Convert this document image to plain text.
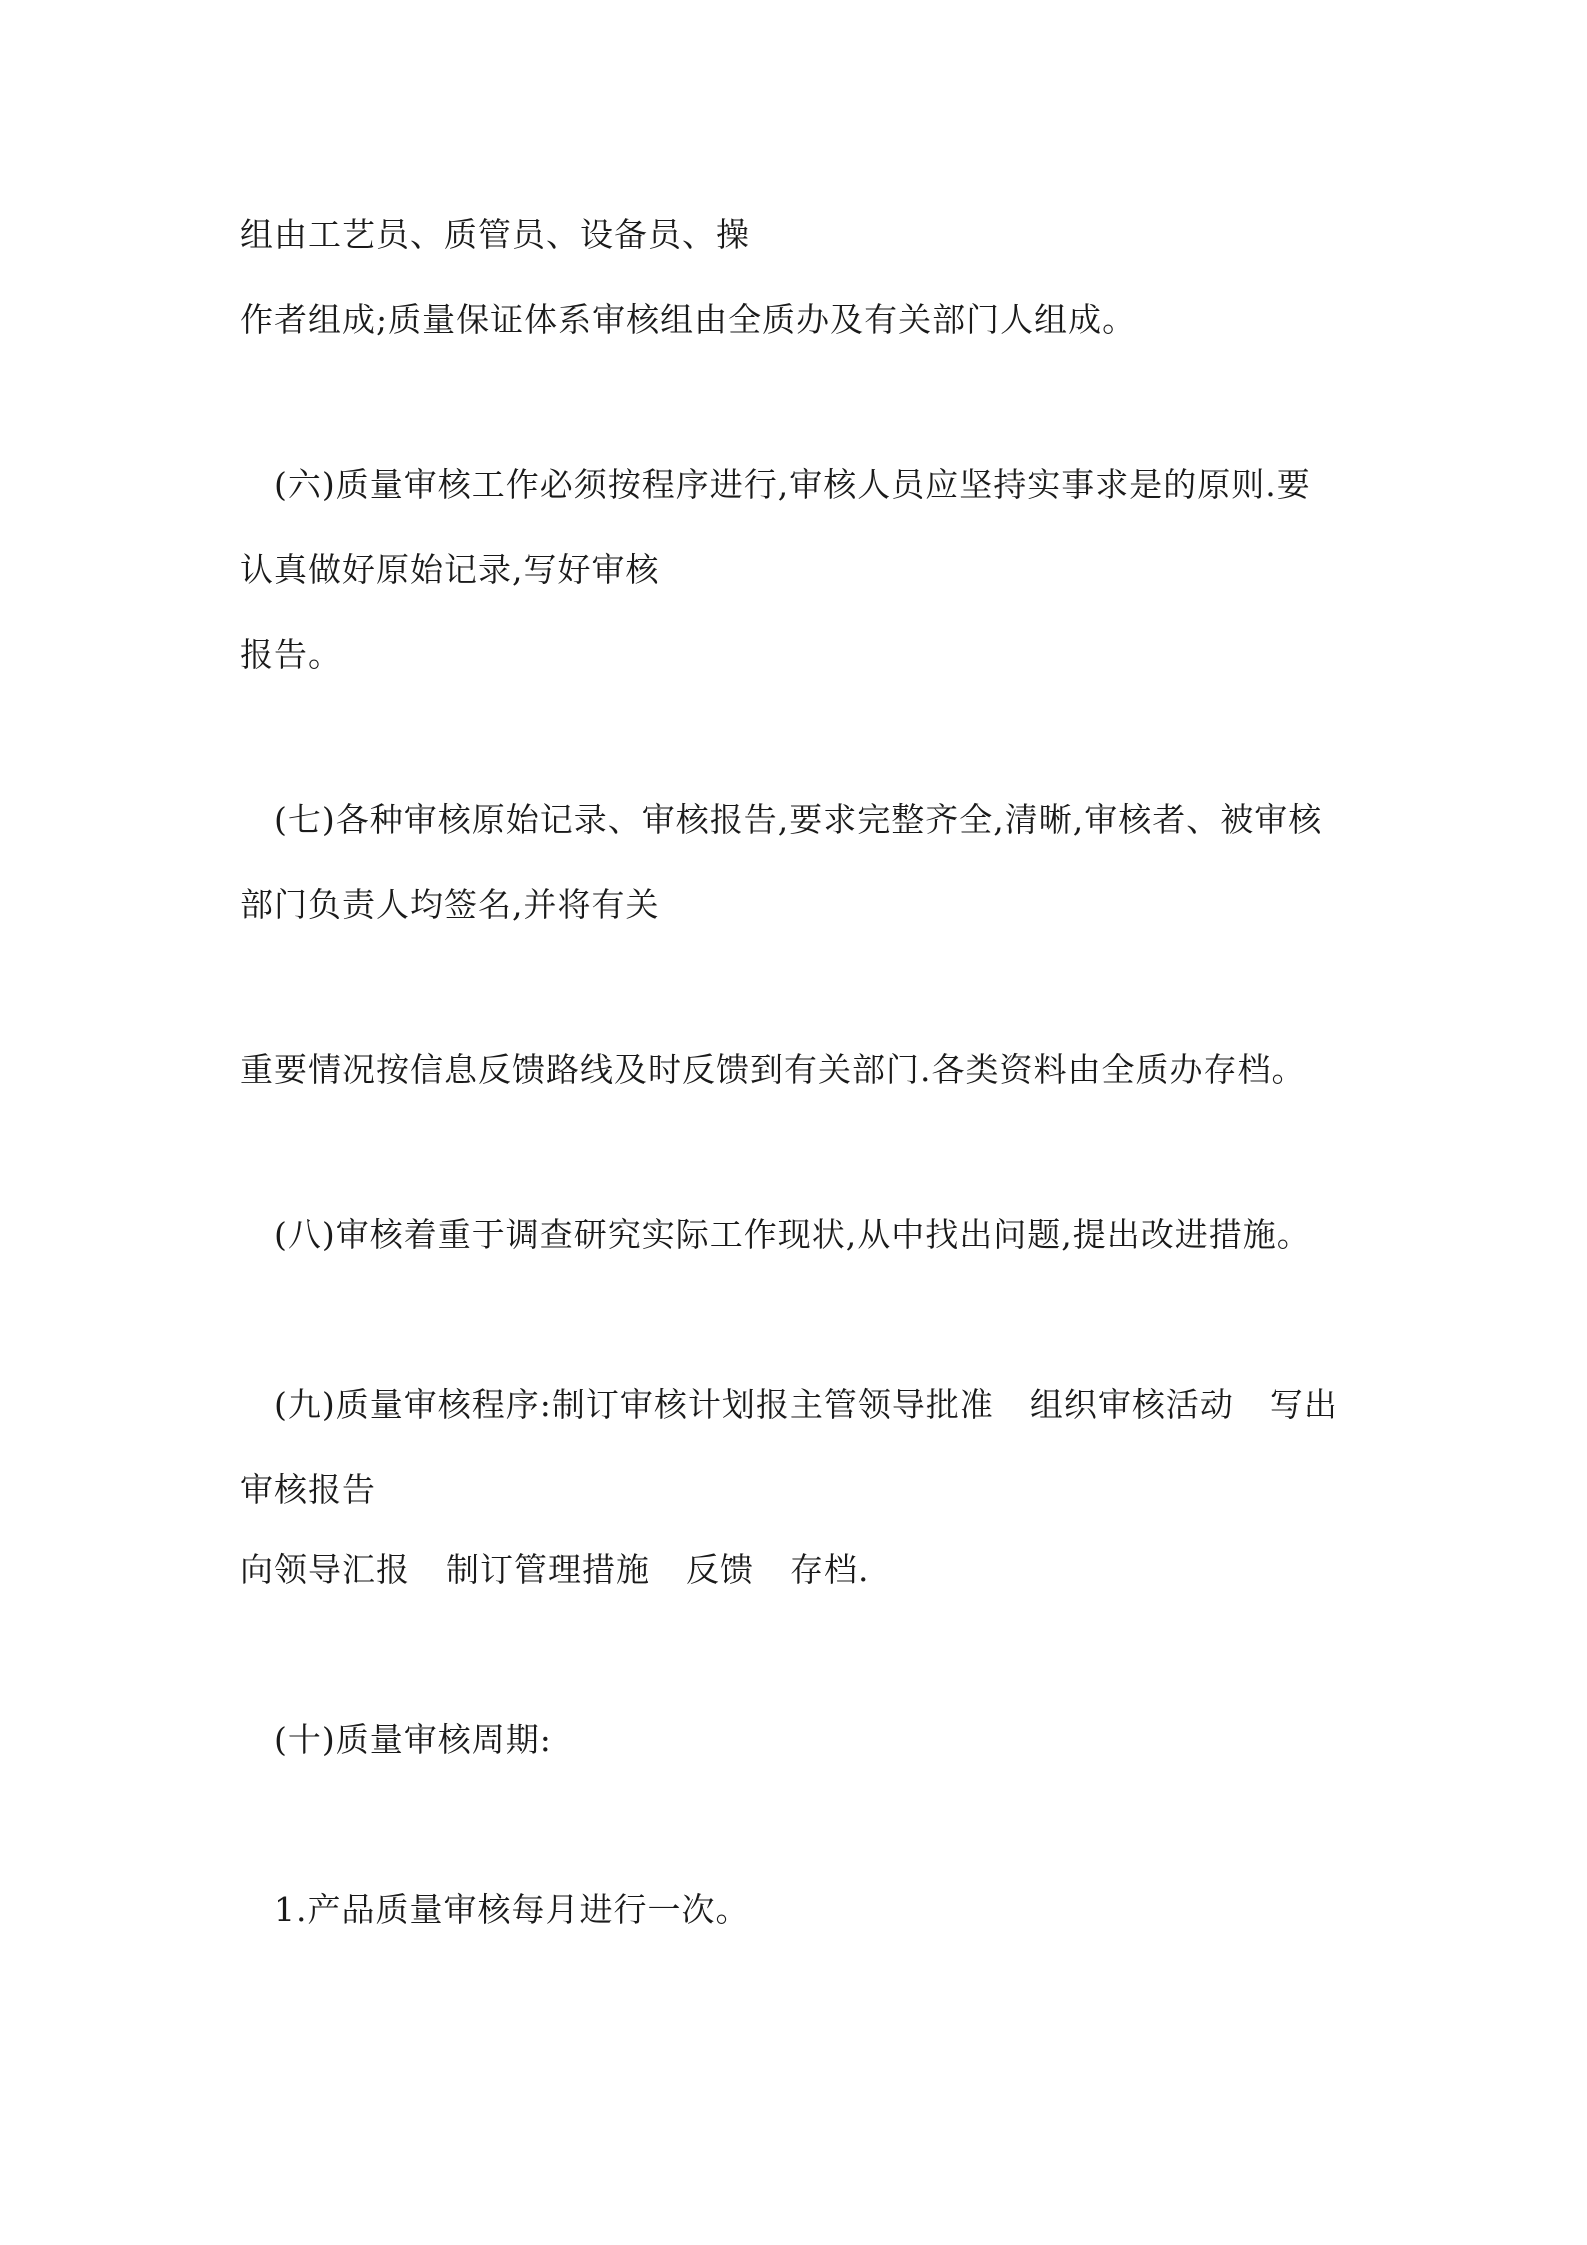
组由工艺员、质管员、设备员、操
作者组成;质量保证体系审核组由全质办及有关部门人组成。
(六)质量审核工作必须按程序进行,审核人员应坚持实事求是的原则.要
认真做好原始记录,写好审核
报告。
(七)各种审核原始记录、审核报告,要求完整齐全,清晰,审核者、被审核
部门负责人均签名,并将有关
重要情况按信息反馈路线及时反馈到有关部门.各类资料由全质办存档。
(八)审核着重于调查研究实际工作现状,从中找出问题,提出改进措施。
(九)质量审核程序:制订审核计划报主管领导批准 组织审核活动 写出
审核报告
向领导汇报 制订管理措施 反馈 存档.
(十)质量审核周期:
1.产品质量审核每月进行一次。
